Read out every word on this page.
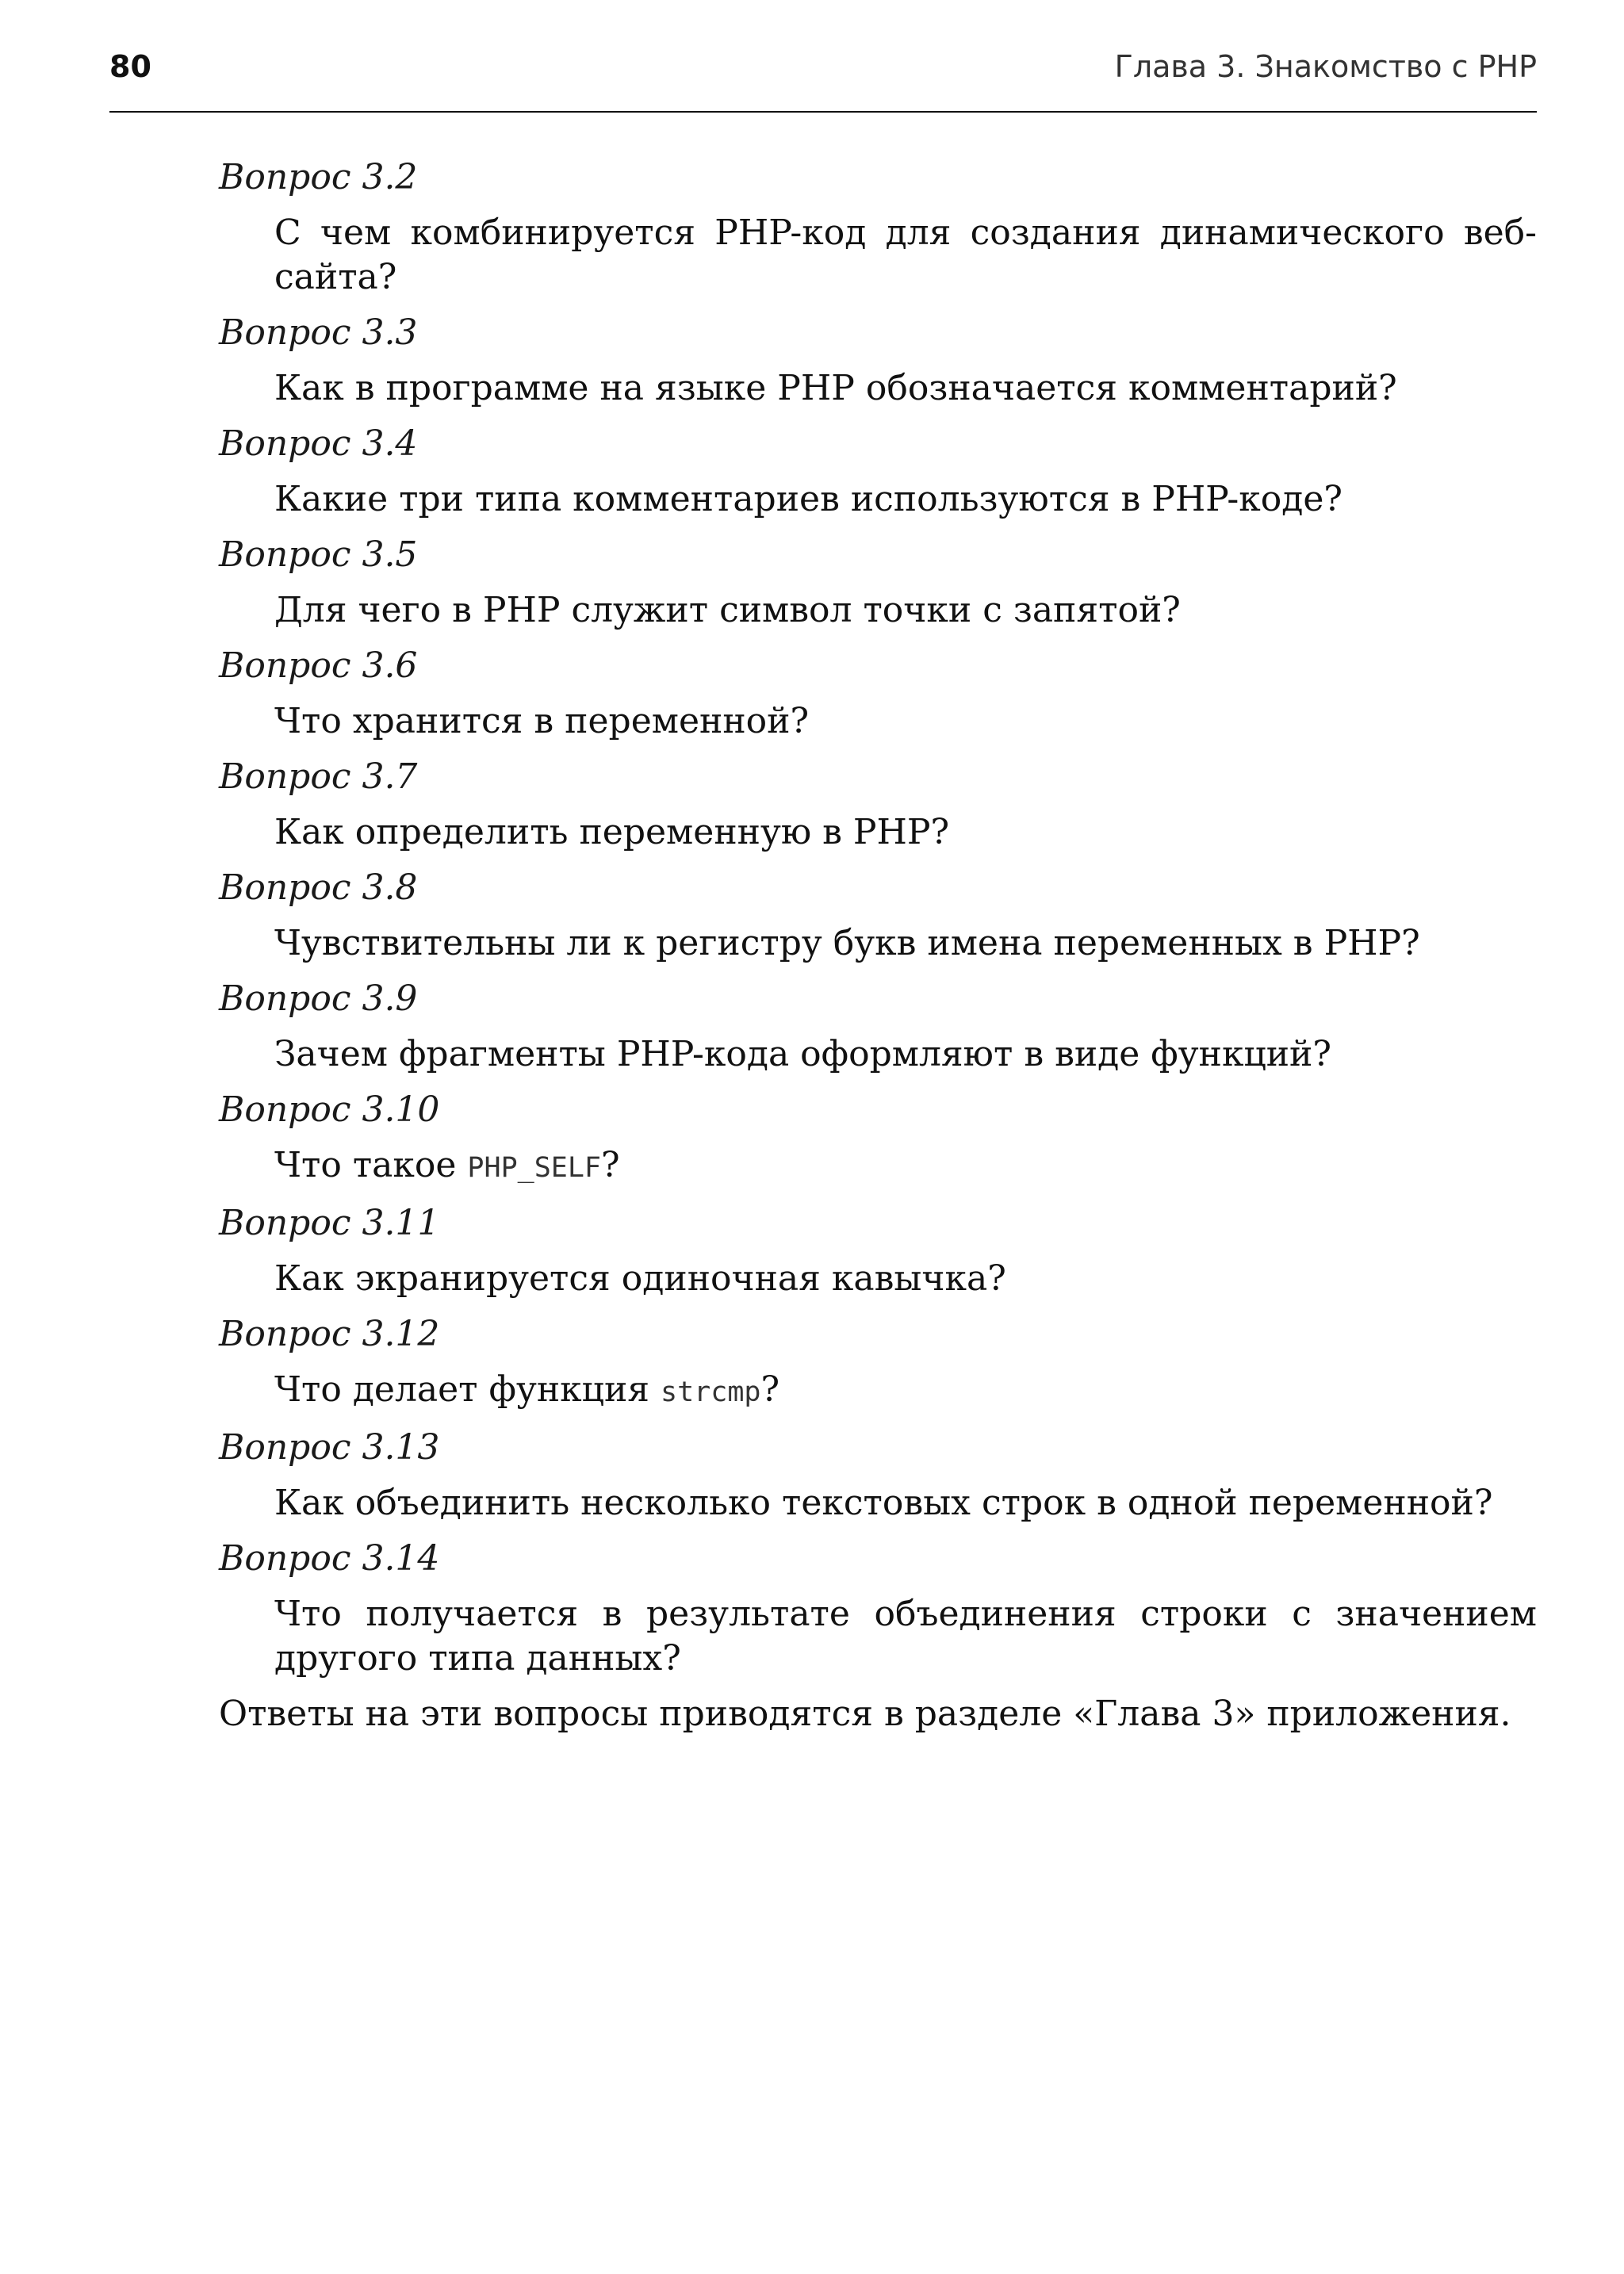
80	Глава 3. Знакомство с PHP
Вопрос 3.2
С чем комбинируется PHP-код для создания динамического веб-сайта?
Вопрос 3.3
Как в программе на языке PHP обозначается комментарий?
Вопрос 3.4
Какие три типа комментариев используются в PHP-коде?
Вопрос 3.5
Для чего в PHP служит символ точки с запятой?
Вопрос 3.6
Что хранится в переменной?
Вопрос 3.7
Как определить переменную в PHP?
Вопрос 3.8
Чувствительны ли к регистру букв имена переменных в PHP?
Вопрос 3.9
Зачем фрагменты PHP-кода оформляют в виде функций?
Вопрос 3.10
Что такое PHP_SELF?
Вопрос 3.11
Как экранируется одиночная кавычка?
Вопрос 3.12
Что делает функция strcmp?
Вопрос 3.13
Как объединить несколько текстовых строк в одной переменной?
Вопрос 3.14
Что получается в результате объединения строки с значением другого типа данных?
Ответы на эти вопросы приводятся в разделе «Глава 3» приложения.
